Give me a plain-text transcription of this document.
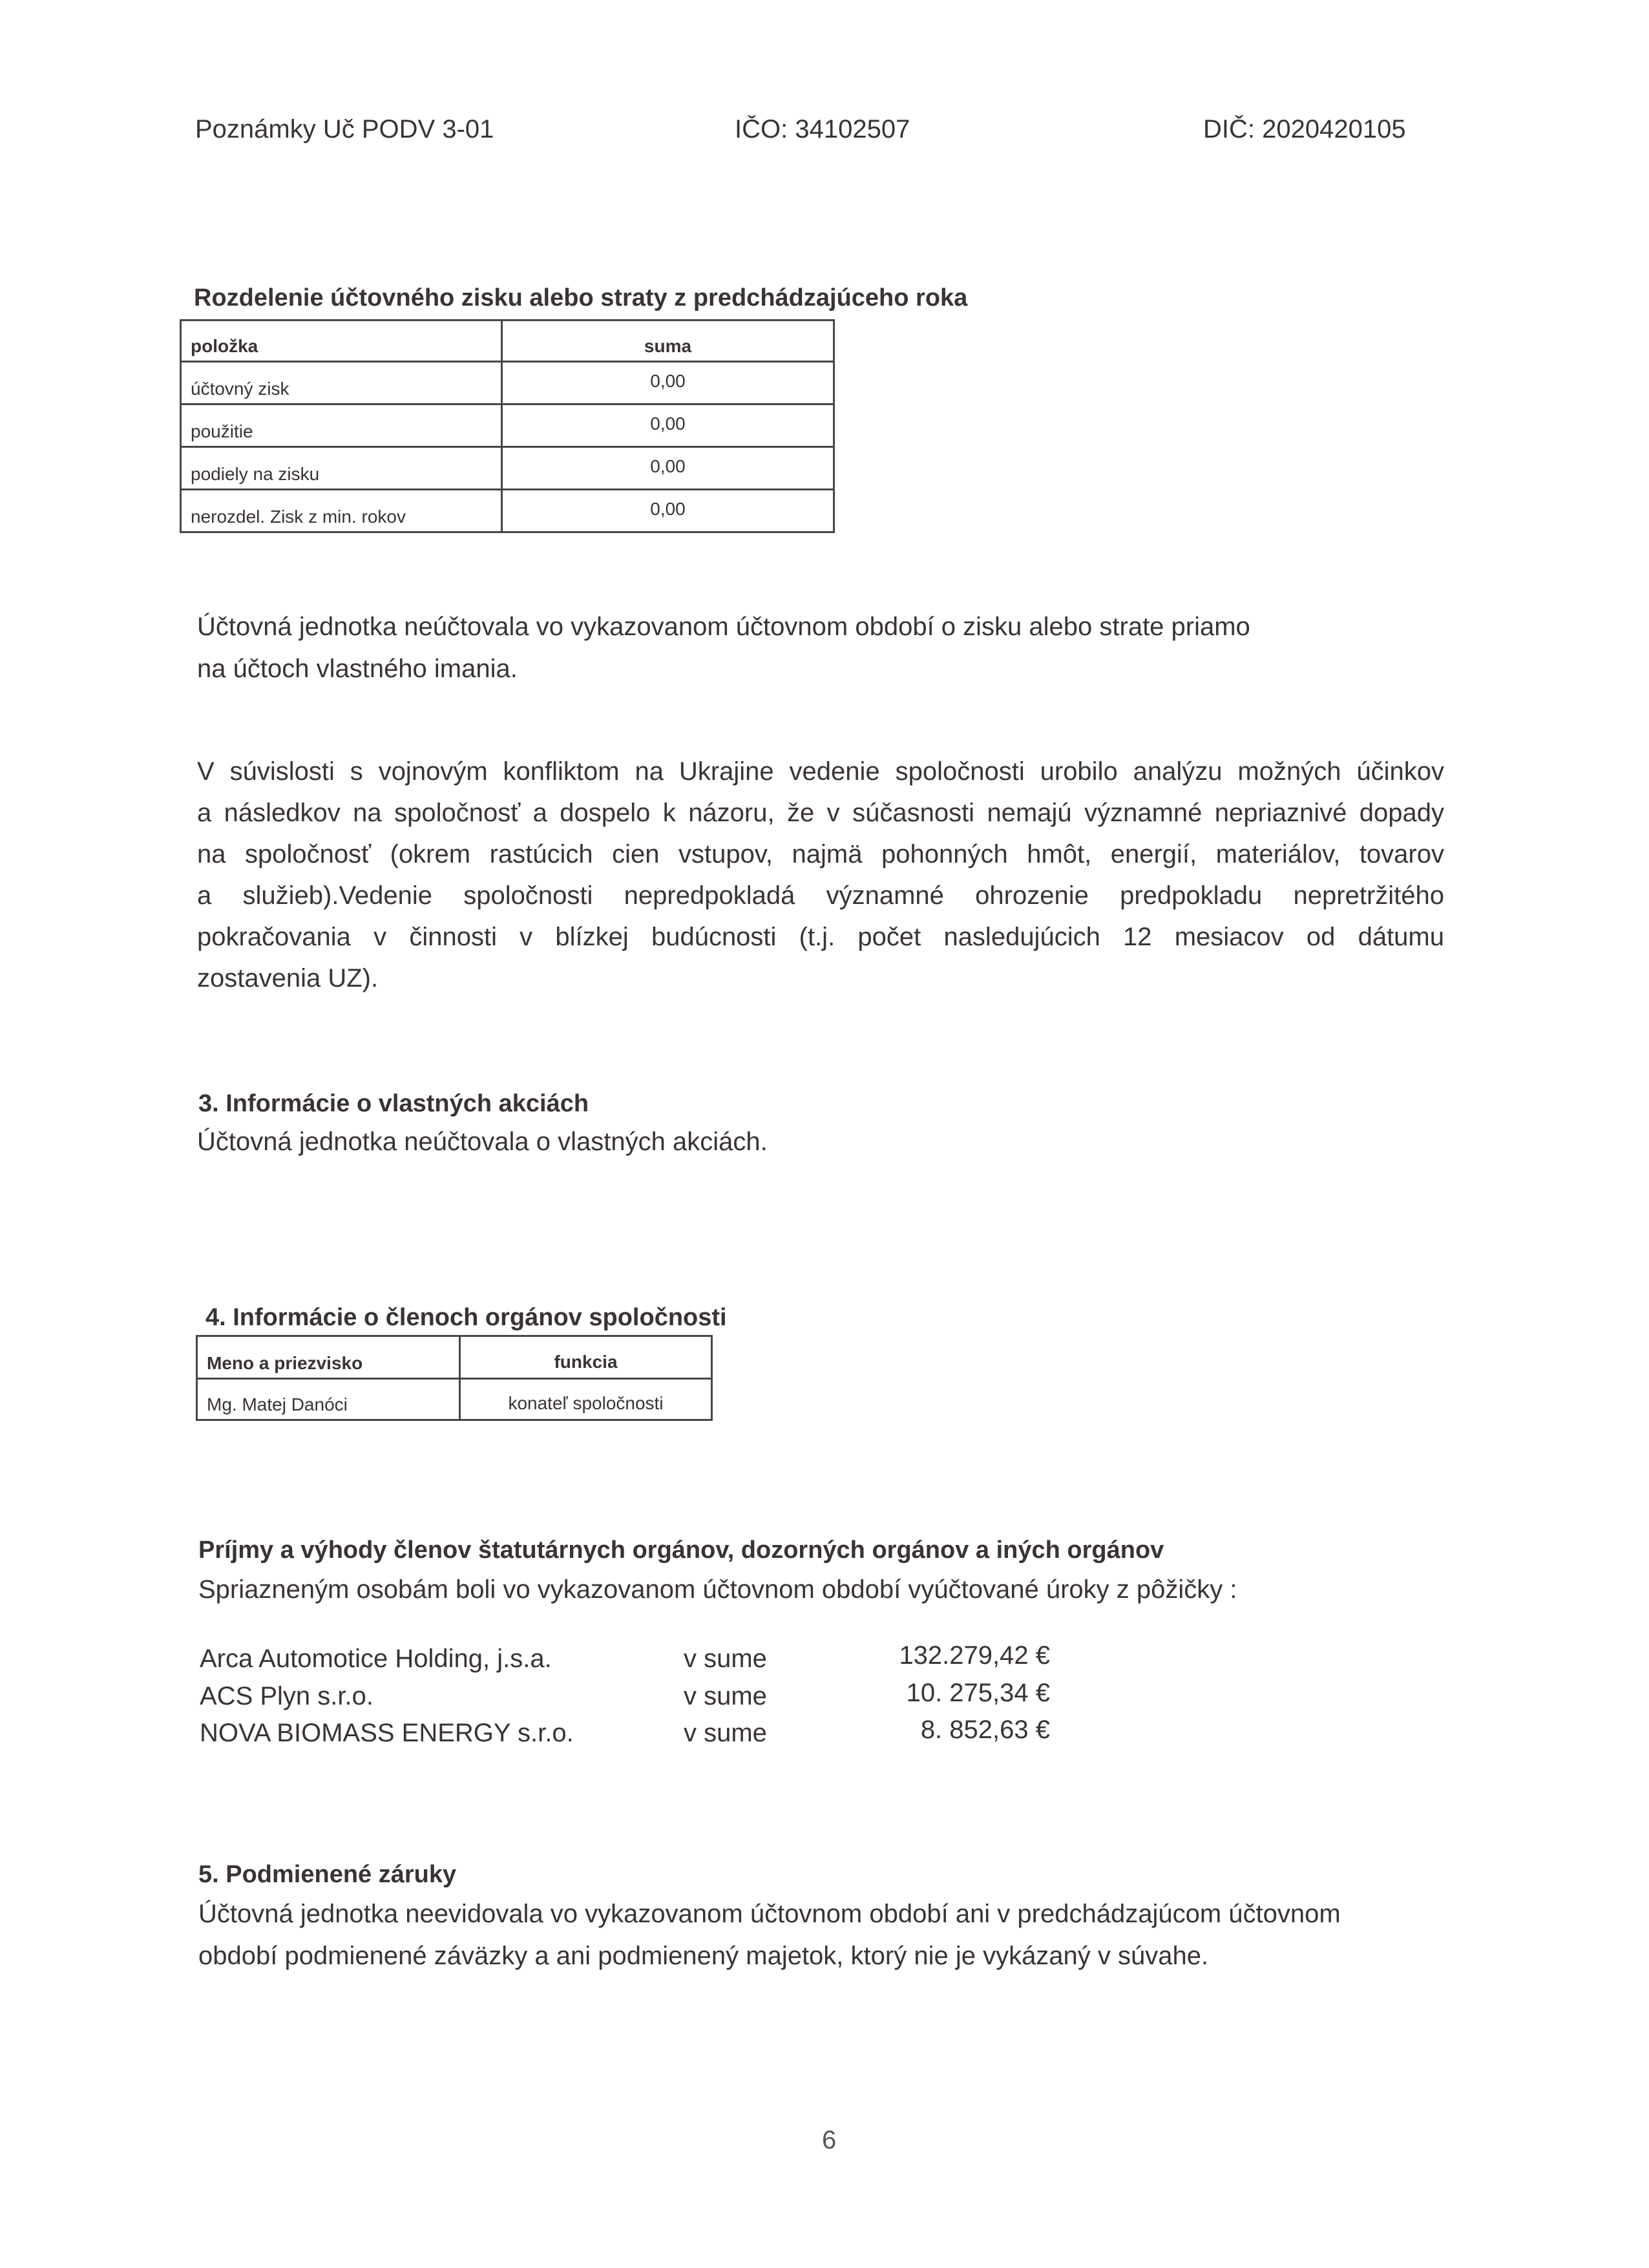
Poznámky Uč PODV 3-01	IČO: 34102507	DIČ: 2020420105
Rozdelenie účtovného zisku alebo straty z predchádzajúceho roka
položka	suma
účtovný zisk	0,00
použitie	0,00
podiely na zisku	0,00
nerozdel. Zisk z min. rokov	0,00
Účtovná jednotka neúčtovala vo vykazovanom účtovnom období o zisku alebo strate priamo
na účtoch vlastného imania.
V súvislosti s vojnovým konfliktom na Ukrajine vedenie spoločnosti urobilo analýzu možných účinkov
a následkov na spoločnosť a dospelo k názoru, že v súčasnosti nemajú významné nepriaznivé dopady
na spoločnosť (okrem rastúcich cien vstupov, najmä pohonných hmôt, energií, materiálov, tovarov
a služieb).Vedenie spoločnosti nepredpokladá významné ohrozenie predpokladu nepretržitého
pokračovania v činnosti v blízkej budúcnosti (t.j. počet nasledujúcich 12 mesiacov od dátumu
zostavenia UZ).
3. Informácie o vlastných akciách
Účtovná jednotka neúčtovala o vlastných akciách.
4. Informácie o členoch orgánov spoločnosti
Meno a priezvisko	funkcia
Mg. Matej Danóci	konateľ spoločnosti
Príjmy a výhody členov štatutárnych orgánov, dozorných orgánov a iných orgánov
Spriazneným osobám boli vo vykazovanom účtovnom období vyúčtované úroky z pôžičky :
Arca Automotice Holding, j.s.a.	v sume	132.279,42 €
ACS Plyn s.r.o.	v sume	10. 275,34 €
NOVA BIOMASS ENERGY s.r.o.	v sume	8. 852,63 €
5. Podmienené záruky
Účtovná jednotka neevidovala vo vykazovanom účtovnom období ani v predchádzajúcom účtovnom
období podmienené záväzky a ani podmienený majetok, ktorý nie je vykázaný v súvahe.
6
